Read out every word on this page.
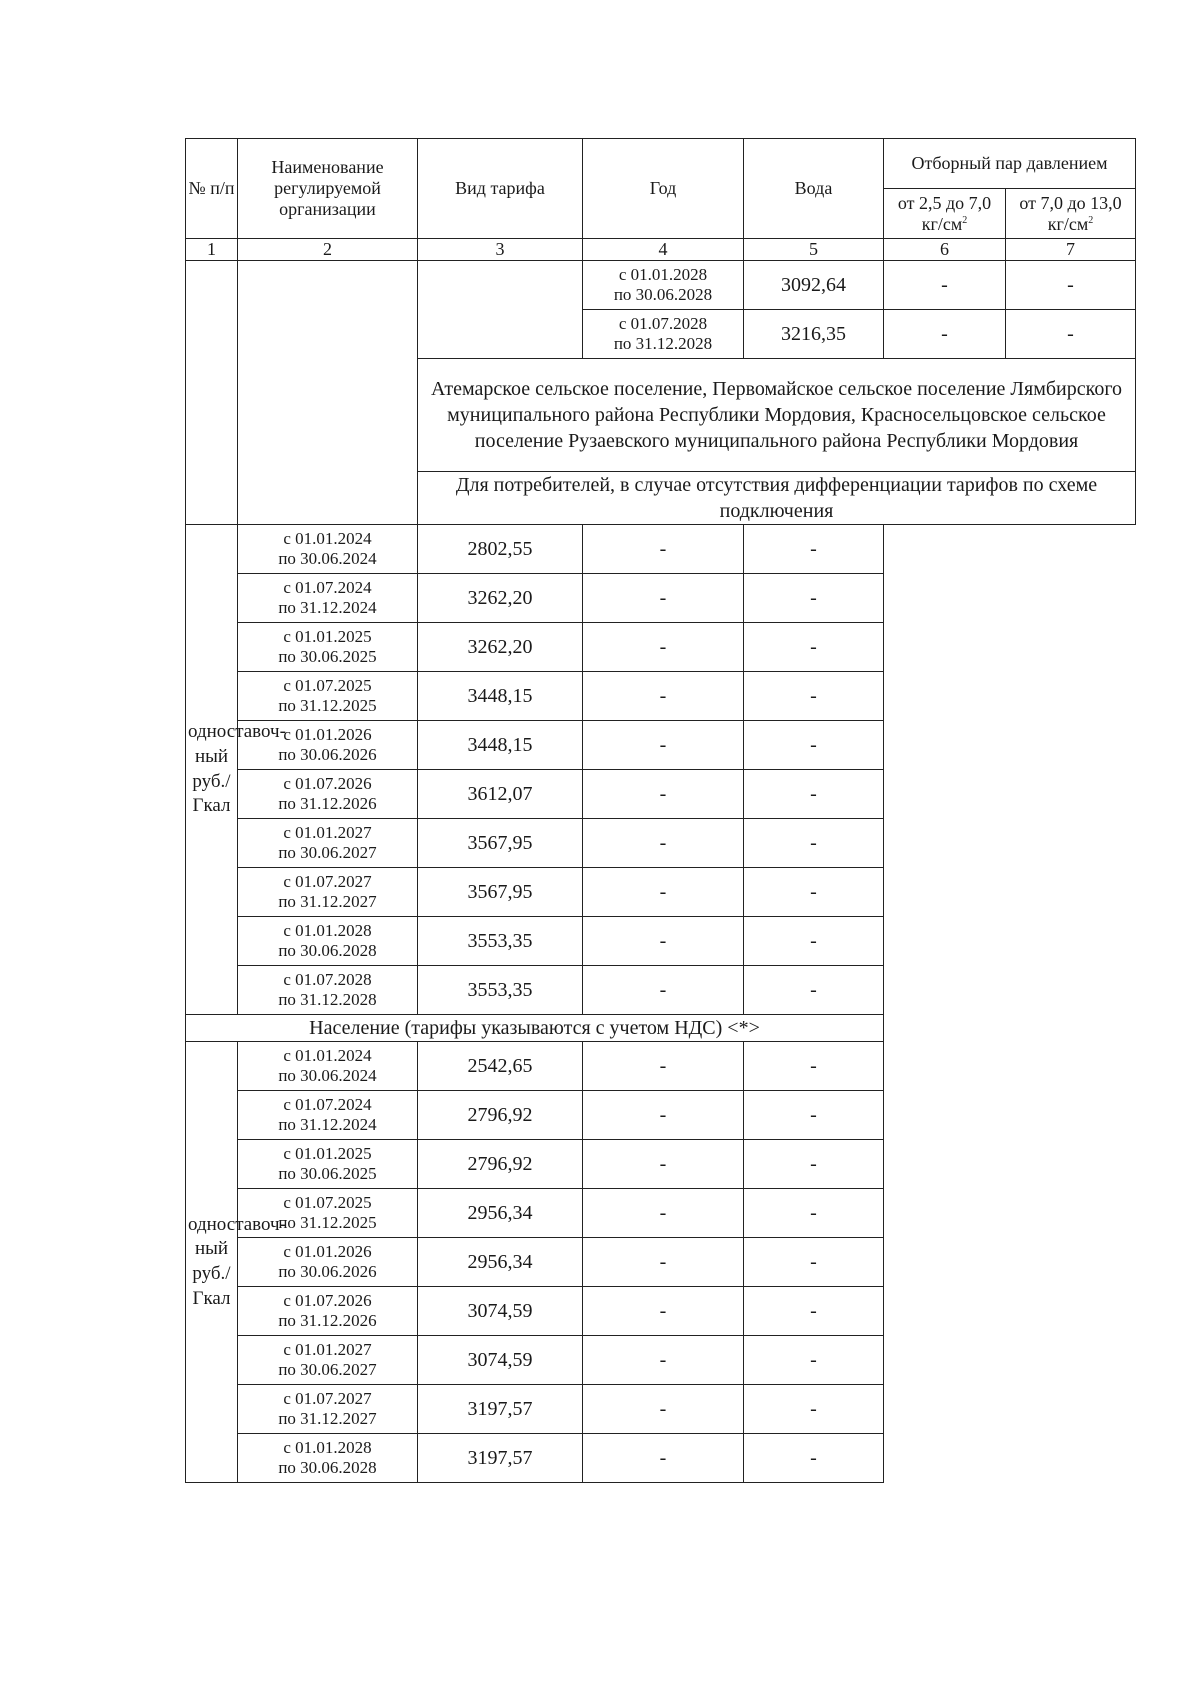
№ п/п	Наименование регулируемой организации	Вид тарифа	Год	Вода	Отборный пар давлением	
					от 2,5 до 7,0 $кг/см^2$	от 7,0 до 13,0 $кг/см^2$
1	2	3	4	5	6	7

			с 01.01.2028
по 30.06.2028	3092,64	-	-

			с 01.07.2028
по 31.12.2028	3216,35	-	-
		Атемарское сельское поселение, Первомайское сельское поселение Лямбирского муниципального района Республики Мордовия, Красносельцовское сельское поселение Рузаевского муниципального района Республики Мордовия				
		Для потребителей, в случае отсутствия дифференциации тарифов по схеме подключения				

одноставоч-
ный
руб./Гкал	с 01.01.2024
по 30.06.2024	2802,55	-	-		

	с 01.07.2024
по 31.12.2024	3262,20	-	-		

	с 01.01.2025
по 30.06.2025	3262,20	-	-		

	с 01.07.2025
по 31.12.2025	3448,15	-	-		

	с 01.01.2026
по 30.06.2026	3448,15	-	-		

	с 01.07.2026
по 31.12.2026	3612,07	-	-		

	с 01.01.2027
по 30.06.2027	3567,95	-	-		

	с 01.07.2027
по 31.12.2027	3567,95	-	-		

	с 01.01.2028
по 30.06.2028	3553,35	-	-		

	с 01.07.2028
по 31.12.2028	3553,35	-	-		
Население (тарифы указываются с учетом НДС) <*>						

одноставоч-
ный
руб./Гкал	с 01.01.2024
по 30.06.2024	2542,65	-	-		

	с 01.07.2024
по 31.12.2024	2796,92	-	-		

	с 01.01.2025
по 30.06.2025	2796,92	-	-		

	с 01.07.2025
по 31.12.2025	2956,34	-	-		

	с 01.01.2026
по 30.06.2026	2956,34	-	-		

	с 01.07.2026
по 31.12.2026	3074,59	-	-		

	с 01.01.2027
по 30.06.2027	3074,59	-	-		

	с 01.07.2027
по 31.12.2027	3197,57	-	-		

	с 01.01.2028
по 30.06.2028	3197,57	-	-		
